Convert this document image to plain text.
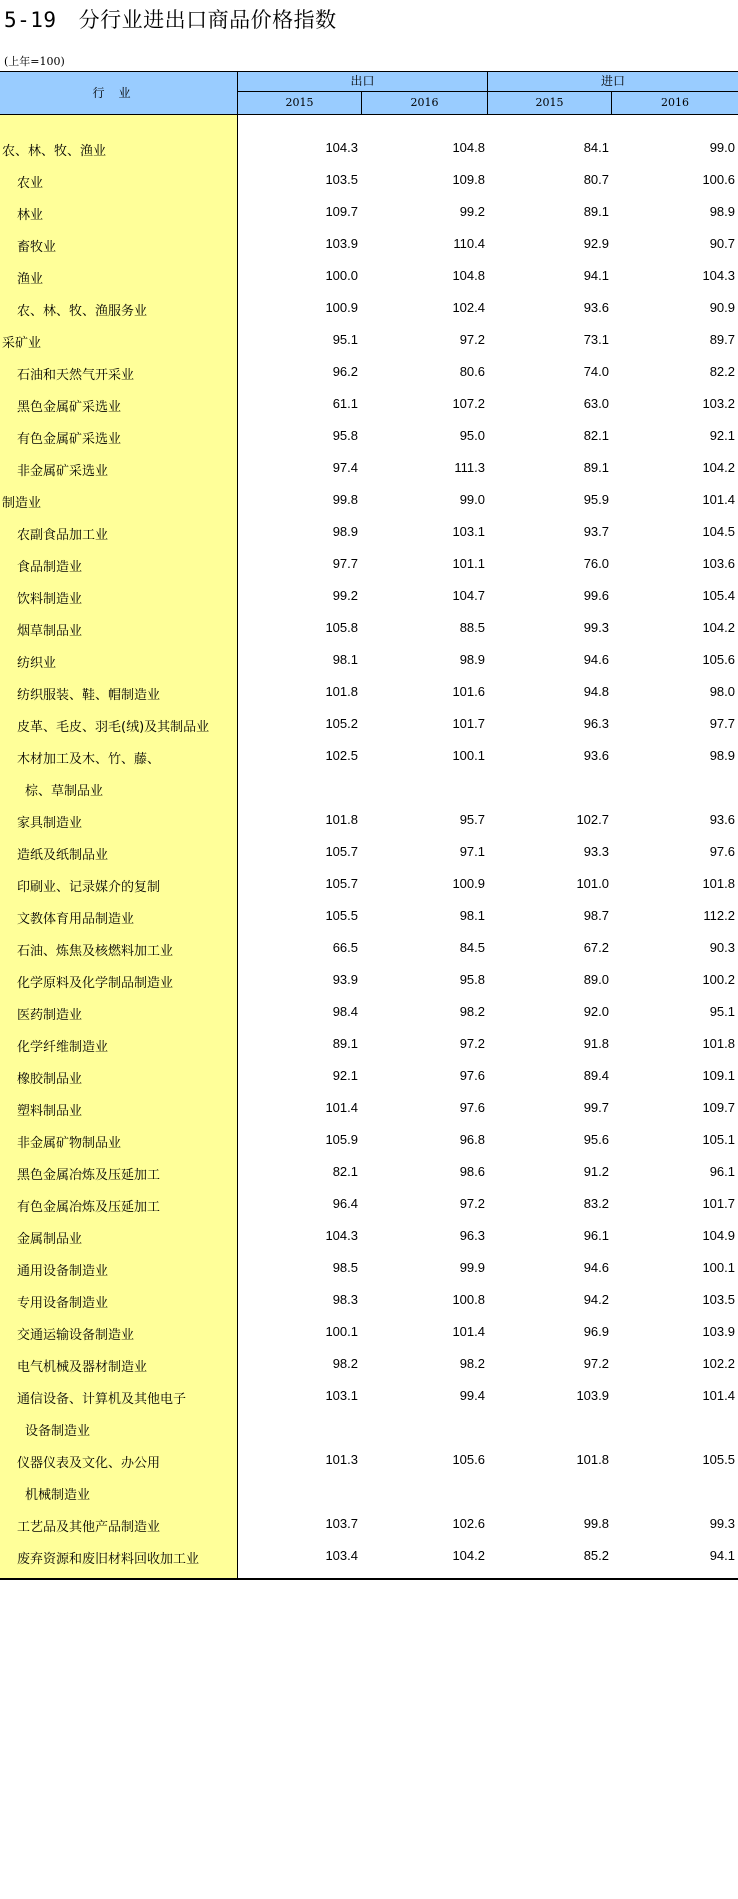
5-19 分行业进出口商品价格指数
(上年=100)
行业
出口	进口
2015	2016	2015	2016
农、林、牧、渔业	104.3	104.8	84.1	99.0
农业	103.5	109.8	80.7	100.6
林业	109.7	99.2	89.1	98.9
畜牧业	103.9	110.4	92.9	90.7
渔业	100.0	104.8	94.1	104.3
农、林、牧、渔服务业	100.9	102.4	93.6	90.9
采矿业	95.1	97.2	73.1	89.7
石油和天然气开采业	96.2	80.6	74.0	82.2
黑色金属矿采选业	61.1	107.2	63.0	103.2
有色金属矿采选业	95.8	95.0	82.1	92.1
非金属矿采选业	97.4	111.3	89.1	104.2
制造业	99.8	99.0	95.9	101.4
农副食品加工业	98.9	103.1	93.7	104.5
食品制造业	97.7	101.1	76.0	103.6
饮料制造业	99.2	104.7	99.6	105.4
烟草制品业	105.8	88.5	99.3	104.2
纺织业	98.1	98.9	94.6	105.6
纺织服装、鞋、帽制造业	101.8	101.6	94.8	98.0
皮革、毛皮、羽毛(绒)及其制品业	105.2	101.7	96.3	97.7
木材加工及木、竹、藤、	102.5	100.1	93.6	98.9
棕、草制品业
家具制造业	101.8	95.7	102.7	93.6
造纸及纸制品业	105.7	97.1	93.3	97.6
印刷业、记录媒介的复制	105.7	100.9	101.0	101.8
文教体育用品制造业	105.5	98.1	98.7	112.2
石油、炼焦及核燃料加工业	66.5	84.5	67.2	90.3
化学原料及化学制品制造业	93.9	95.8	89.0	100.2
医药制造业	98.4	98.2	92.0	95.1
化学纤维制造业	89.1	97.2	91.8	101.8
橡胶制品业	92.1	97.6	89.4	109.1
塑料制品业	101.4	97.6	99.7	109.7
非金属矿物制品业	105.9	96.8	95.6	105.1
黑色金属冶炼及压延加工	82.1	98.6	91.2	96.1
有色金属冶炼及压延加工	96.4	97.2	83.2	101.7
金属制品业	104.3	96.3	96.1	104.9
通用设备制造业	98.5	99.9	94.6	100.1
专用设备制造业	98.3	100.8	94.2	103.5
交通运输设备制造业	100.1	101.4	96.9	103.9
电气机械及器材制造业	98.2	98.2	97.2	102.2
通信设备、计算机及其他电子	103.1	99.4	103.9	101.4
设备制造业
仪器仪表及文化、办公用	101.3	105.6	101.8	105.5
机械制造业
工艺品及其他产品制造业	103.7	102.6	99.8	99.3
废弃资源和废旧材料回收加工业	103.4	104.2	85.2	94.1
